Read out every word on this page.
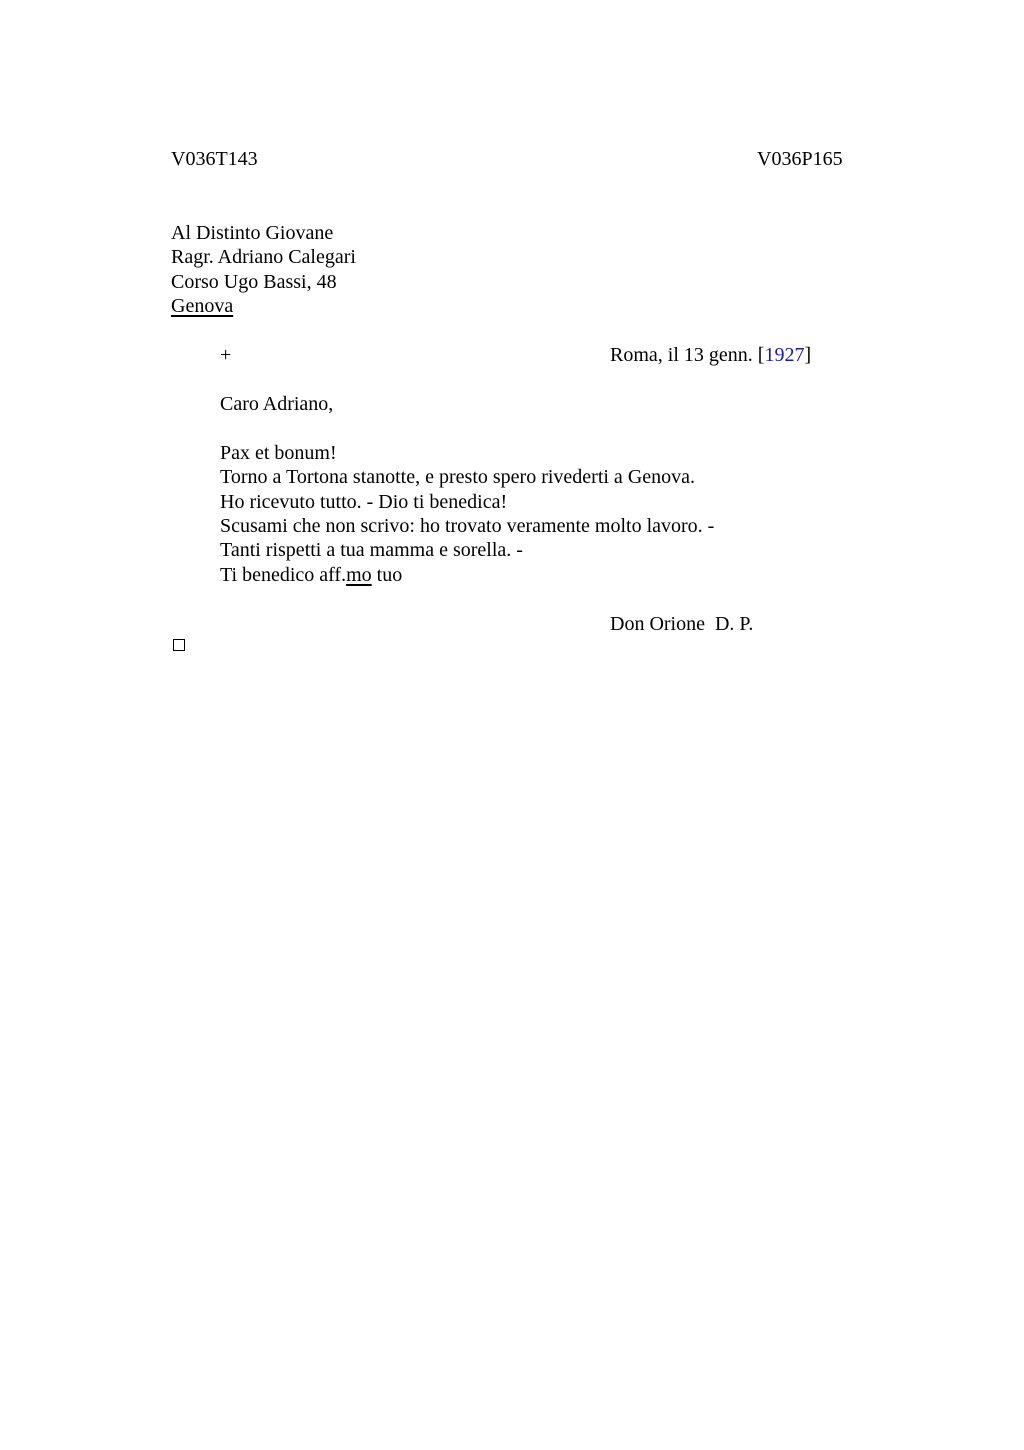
V036T143	V036P165
Al Distinto Giovane
Ragr. Adriano Calegari
Corso Ugo Bassi, 48
Genova
+	Roma, il 13 genn. [1927]
Caro Adriano,
Pax et bonum!
Torno a Tortona stanotte, e presto spero rivederti a Genova.
Ho ricevuto tutto. - Dio ti benedica!
Scusami che non scrivo: ho trovato veramente molto lavoro. -
Tanti rispetti a tua mamma e sorella. -
Ti benedico aff.mo tuo
Don Orione  D. P.
